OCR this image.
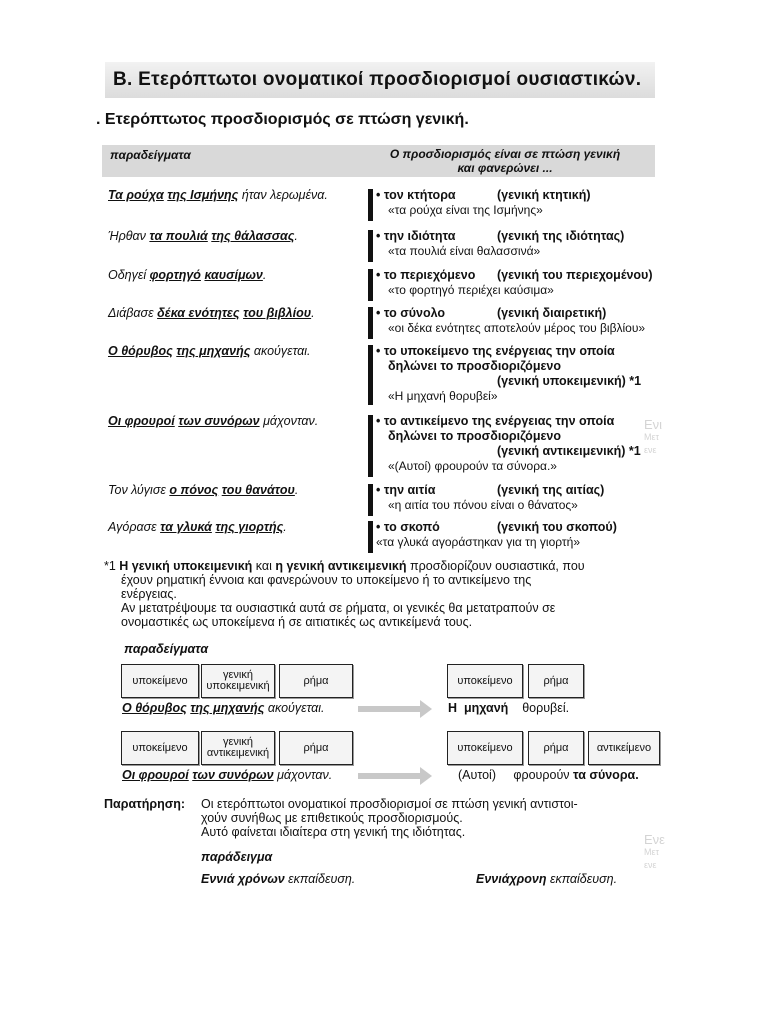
Β. Ετερόπτωτοι ονοματικοί προσδιορισμοί ουσιαστικών.
. Ετερόπτωτος προσδιορισμός σε πτώση γενική.
παραδείγματα	Ο προσδιορισμός είναι σε πτώση γενική
και φανερώνει ...
Τα ρούχα της Ισμήνης ήταν λερωμένα.	• τον κτήτορα	(γενική κτητική)
«τα ρούχα είναι της Ισμήνης»
Ήρθαν τα πουλιά της θάλασσας.	• την ιδιότητα	(γενική της ιδιότητας)
«τα πουλιά είναι θαλασσινά»
Οδηγεί φορτηγό καυσίμων.	• το περιεχόμενο (γενική του περιεχομένου)
«το φορτηγό περιέχει καύσιμα»
Διάβασε δέκα ενότητες του βιβλίου.	• το σύνολο	(γενική διαιρετική)
«οι δέκα ενότητες αποτελούν μέρος του βιβλίου»
Ο θόρυβος της μηχανής ακούγεται.	• το υποκείμενο της ενέργειας την οποία
δηλώνει το προσδιοριζόμενο
(γενική υποκειμενική) *1
«Η μηχανή θορυβεί»
Οι φρουροί των συνόρων μάχονταν.	• το αντικείμενο της ενέργειας την οποία
δηλώνει το προσδιοριζόμενο
(γενική αντικειμενική) *1
«(Αυτοί) φρουρούν τα σύνορα.»
Τον λύγισε ο πόνος του θανάτου.	• την αιτία	(γενική της αιτίας)
«η αιτία του πόνου είναι ο θάνατος»
Αγόρασε τα γλυκά της γιορτής.	• το σκοπό	(γενική του σκοπού)
«τα γλυκά αγοράστηκαν για τη γιορτή»

*1 Η γενική υποκειμενική και η γενική αντικειμενική προσδιορίζουν ουσιαστικά, που

έχουν ρηματική έννοια και φανερώνουν το υποκείμενο ή το αντικείμενο της

ενέργειας.

Αν μετατρέψουμε τα ουσιαστικά αυτά σε ρήματα, οι γενικές θα μετατραπούν σε

ονομαστικές ως υποκείμενα ή σε αιτιατικές ως αντικείμενά τους.

παραδείγματα
υποκείμενο	γενική υποκειμενική	ρήμα
Ο θόρυβος της μηχανής ακούγεται.
υποκείμενο	ρήμα
Η μηχανή θορυβεί.
υποκείμενο	γενική αντικειμενική	ρήμα
Οι φρουροί των συνόρων μάχονταν.
υποκείμενο	ρήμα	αντικείμενο
(Αυτοί) φρουρούν τα σύνορα.
Παρατήρηση: Οι ετερόπτωτοι ονοματικοί προσδιορισμοί σε πτώση γενική αντιστοι-
χούν συνήθως με επιθετικούς προσδιορισμούς.
Αυτό φαίνεται ιδιαίτερα στη γενική της ιδιότητας.
παράδειγμα
Εννιά χρόνων εκπαίδευση.	Εννιάχρονη εκπαίδευση.
Ενι
Μετ
ενε
Ενε
Μετ
ενε
